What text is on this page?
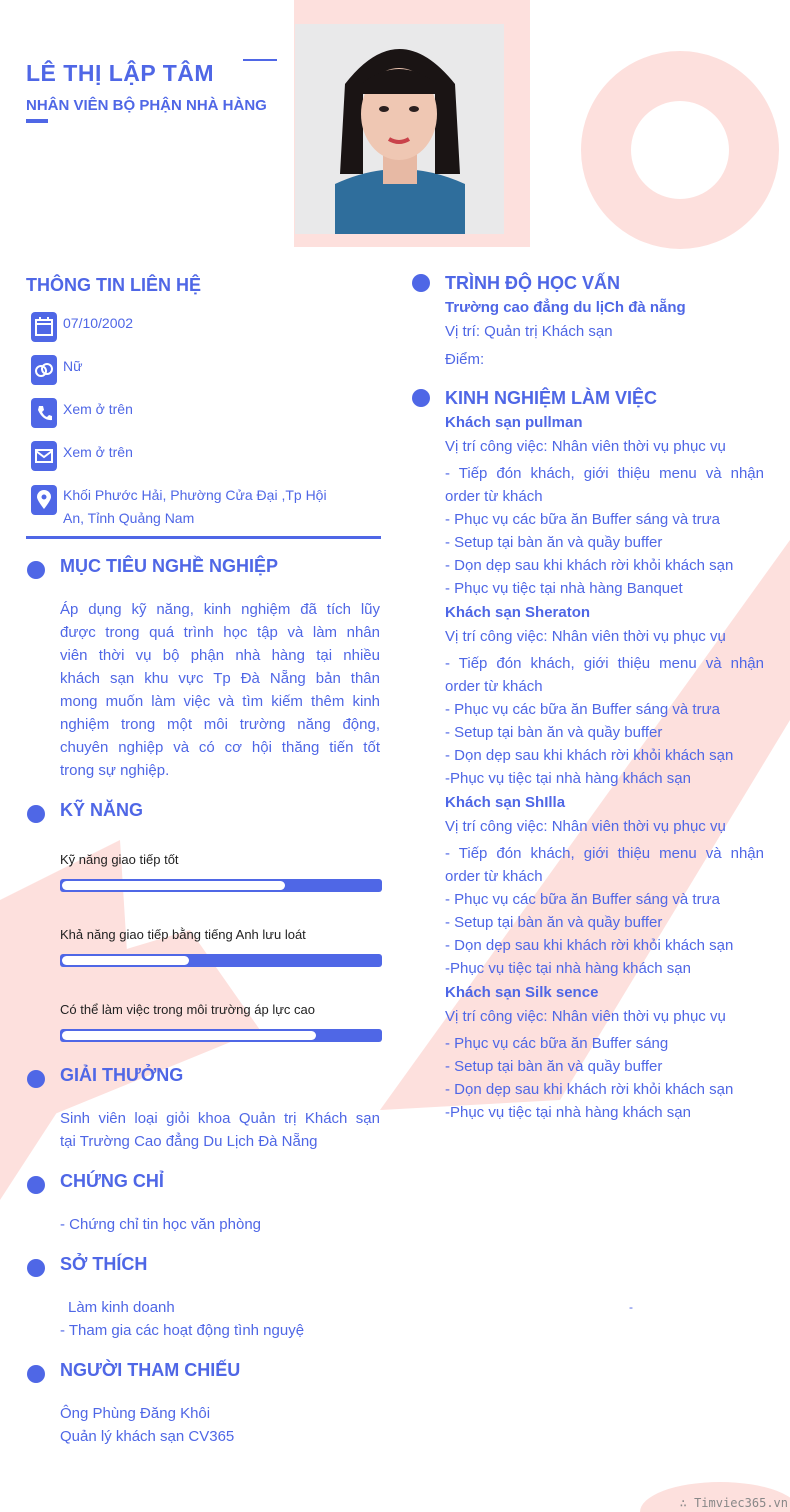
LÊ THỊ LẬP TÂM
NHÂN VIÊN BỘ PHẬN NHÀ HÀNG
THÔNG TIN LIÊN HỆ
07/10/2002
Nữ
Xem ở trên
Xem ở trên
Khối Phước Hải, Phường Cửa Đại ,Tp Hội
An, Tỉnh Quảng Nam
MỤC TIÊU NGHỀ NGHIỆP
Áp dụng kỹ năng, kinh nghiệm đã tích lũy
được trong quá trình học tập và làm nhân
viên thời vụ bộ phận nhà hàng tại nhiều
khách sạn khu vực Tp Đà Nẵng bản thân
mong muốn làm việc và tìm kiếm thêm kinh
nghiệm trong một môi trường năng động,
chuyên nghiệp và có cơ hội thăng tiến tốt
trong sự nghiệp.
KỸ NĂNG
Kỹ năng giao tiếp tốt
Khả năng giao tiếp bằng tiếng Anh lưu loát
Có thể làm việc trong môi trường áp lực cao
GIẢI THƯỞNG
Sinh viên loại giỏi khoa Quản trị Khách sạn
tại Trường Cao đẳng Du Lịch Đà Nẵng
CHỨNG CHỈ
- Chứng chỉ tin học văn phòng
SỞ THÍCH
Làm kinh doanh
- Tham gia các hoạt động tình nguyệ
-
NGƯỜI THAM CHIẾU
Ông Phùng Đăng Khôi
Quản lý khách sạn CV365
TRÌNH ĐỘ HỌC VẤN
Trường cao đẳng du lịCh đà nẵng
Vị trí: Quản trị Khách sạn
Điểm:
KINH NGHIỆM LÀM VIỆC
Khách sạn pullman
Vị trí công việc: Nhân viên thời vụ phục vụ
- Tiếp đón khách, giới thiệu menu và nhận
order từ khách
- Phục vụ các bữa ăn Buffer sáng và trưa
- Setup tại bàn ăn và quầy buffer
- Dọn dẹp sau khi khách rời khỏi khách sạn
- Phục vụ tiệc tại nhà hàng Banquet
Khách sạn Sheraton
Vị trí công việc: Nhân viên thời vụ phục vụ
- Tiếp đón khách, giới thiệu menu và nhận
order từ khách
- Phục vụ các bữa ăn Buffer sáng và trưa
- Setup tại bàn ăn và quầy buffer
- Dọn dẹp sau khi khách rời khỏi khách sạn
-Phục vụ tiệc tại nhà hàng khách sạn
Khách sạn ShIlla
Vị trí công việc: Nhân viên thời vụ phục vụ
- Tiếp đón khách, giới thiệu menu và nhận
order từ khách
- Phục vụ các bữa ăn Buffer sáng và trưa
- Setup tại bàn ăn và quầy buffer
- Dọn dẹp sau khi khách rời khỏi khách sạn
-Phục vụ tiệc tại nhà hàng khách sạn
Khách sạn Silk sence
Vị trí công việc: Nhân viên thời vụ phục vụ
- Phục vụ các bữa ăn Buffer sáng
- Setup tại bàn ăn và quầy buffer
- Dọn dẹp sau khi khách rời khỏi khách sạn
-Phục vụ tiệc tại nhà hàng khách sạn
∴ Timviec365.vn
